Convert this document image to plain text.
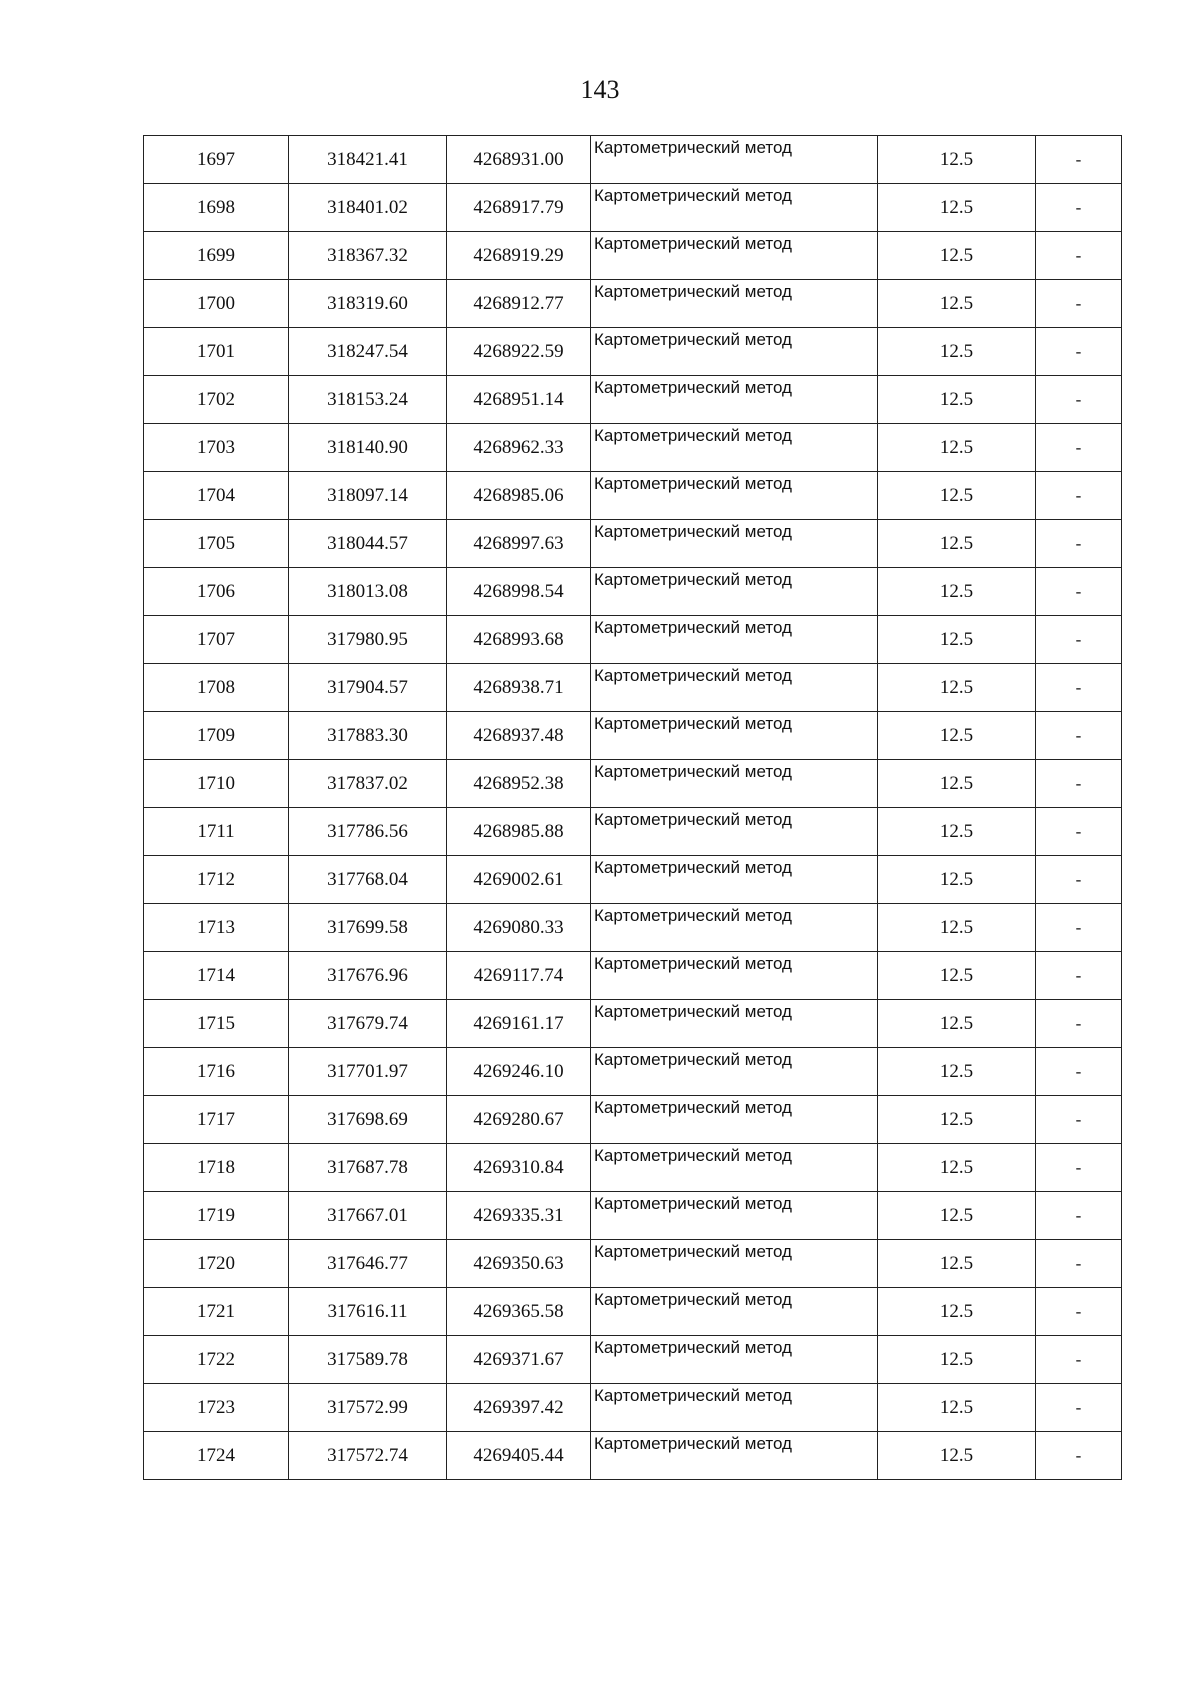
143
1697	318421.41	4268931.00	Картометрический метод	12.5	-
1698	318401.02	4268917.79	Картометрический метод	12.5	-
1699	318367.32	4268919.29	Картометрический метод	12.5	-
1700	318319.60	4268912.77	Картометрический метод	12.5	-
1701	318247.54	4268922.59	Картометрический метод	12.5	-
1702	318153.24	4268951.14	Картометрический метод	12.5	-
1703	318140.90	4268962.33	Картометрический метод	12.5	-
1704	318097.14	4268985.06	Картометрический метод	12.5	-
1705	318044.57	4268997.63	Картометрический метод	12.5	-
1706	318013.08	4268998.54	Картометрический метод	12.5	-
1707	317980.95	4268993.68	Картометрический метод	12.5	-
1708	317904.57	4268938.71	Картометрический метод	12.5	-
1709	317883.30	4268937.48	Картометрический метод	12.5	-
1710	317837.02	4268952.38	Картометрический метод	12.5	-
1711	317786.56	4268985.88	Картометрический метод	12.5	-
1712	317768.04	4269002.61	Картометрический метод	12.5	-
1713	317699.58	4269080.33	Картометрический метод	12.5	-
1714	317676.96	4269117.74	Картометрический метод	12.5	-
1715	317679.74	4269161.17	Картометрический метод	12.5	-
1716	317701.97	4269246.10	Картометрический метод	12.5	-
1717	317698.69	4269280.67	Картометрический метод	12.5	-
1718	317687.78	4269310.84	Картометрический метод	12.5	-
1719	317667.01	4269335.31	Картометрический метод	12.5	-
1720	317646.77	4269350.63	Картометрический метод	12.5	-
1721	317616.11	4269365.58	Картометрический метод	12.5	-
1722	317589.78	4269371.67	Картометрический метод	12.5	-
1723	317572.99	4269397.42	Картометрический метод	12.5	-
1724	317572.74	4269405.44	Картометрический метод	12.5	-
